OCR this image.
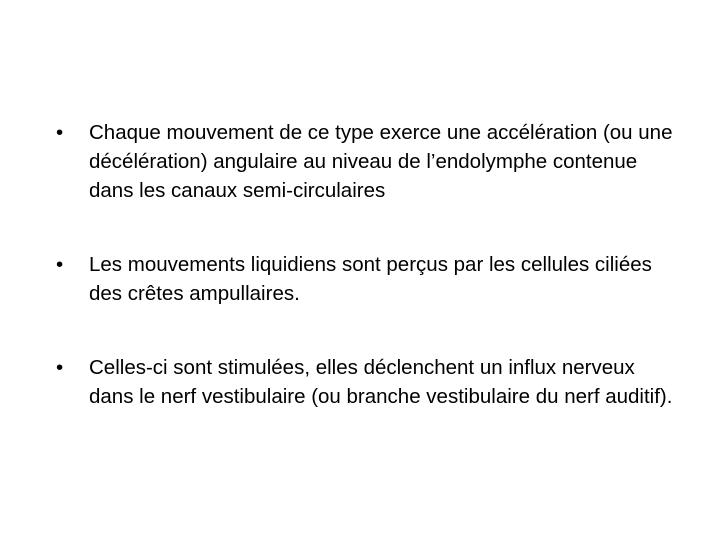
•	Chaque mouvement de ce type exerce une accélération (ou une décélération) angulaire au niveau de l’endolymphe contenue dans les canaux semi-circulaires
•	Les mouvements liquidiens sont perçus par les cellules ciliées des crêtes ampullaires.
•	Celles-ci sont stimulées, elles déclenchent un influx nerveux dans le nerf vestibulaire (ou branche vestibulaire du nerf auditif).
